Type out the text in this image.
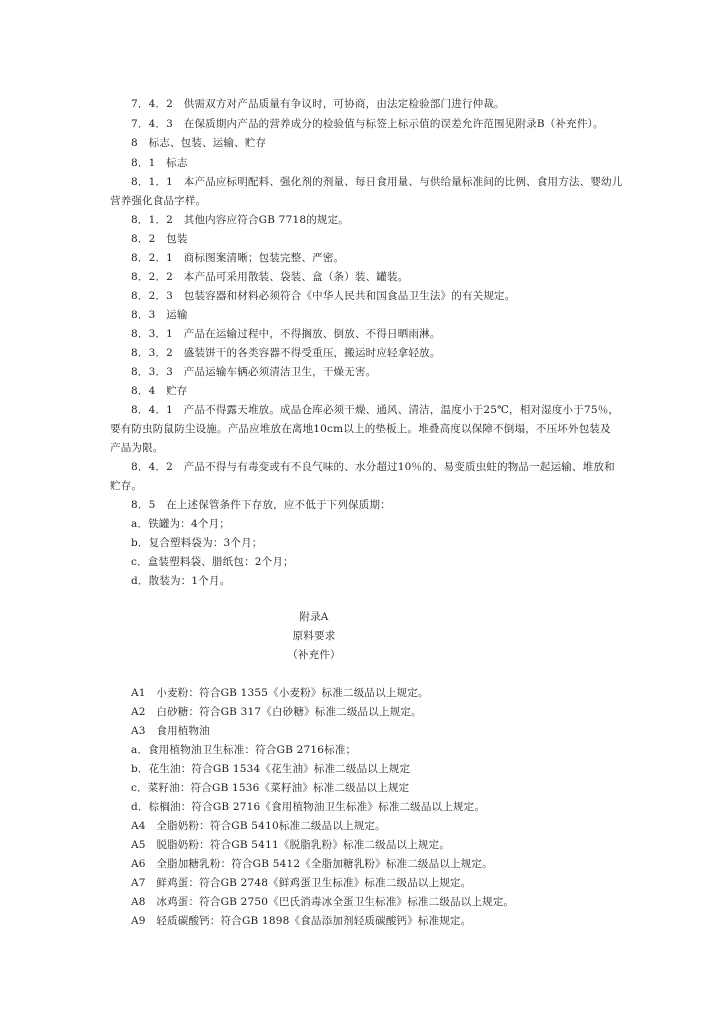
7．4．2　供需双方对产品质量有争议时，可协商，由法定检验部门进行仲裁。
7．4．3　在保质期内产品的营养成分的检验值与标签上标示值的误差允许范围见附录B（补充件）。
8　标志、包装、运输、贮存
8．1　标志
8．1．1　本产品应标明配料、强化剂的剂量、每日食用量、与供给量标准间的比例、食用方法、婴幼儿
营养强化食品字样。
8．1．2　其他内容应符合GB 7718的规定。
8．2　包装
8．2．1　商标图案清晰；包装完整、严密。
8．2．2　本产品可采用散装、袋装、盒（条）装、罐装。
8．2．3　包装容器和材料必须符合《中华人民共和国食品卫生法》的有关规定。
8．3　运输
8．3．1　产品在运输过程中，不得搁放、倒放、不得日晒雨淋。
8．3．2　盛装饼干的各类容器不得受重压，搬运时应轻拿轻放。
8．3．3　产品运输车辆必须清洁卫生，干燥无害。
8．4　贮存
8．4．1　产品不得露天堆放。成品仓库必须干燥、通风、清洁，温度小于25℃，相对湿度小于75％，
要有防虫防鼠防尘设施。产品应堆放在离地10cm以上的垫板上。堆叠高度以保障不倒塌，不压坏外包装及
产品为限。
8．4．2　产品不得与有毒变或有不良气味的、水分超过10％的、易变质虫蛀的物品一起运输、堆放和
贮存。
8．5　在上述保管条件下存放，应不低于下列保质期：
a．铁罐为：4个月；
b．复合塑料袋为：3个月；
c．盒装塑料袋、腊纸包：2个月；
d．散装为：1个月。
附录A
原料要求
（补充件）
A1　小麦粉：符合GB 1355《小麦粉》标准二级品以上规定。
A2　白砂糖：符合GB 317《白砂糖》标准二级品以上规定。
A3　食用植物油
a．食用植物油卫生标准：符合GB 2716标准；
b．花生油：符合GB 1534《花生油》标准二级品以上规定
c．菜籽油：符合GB 1536《菜籽油》标准二级品以上规定
d．棕榈油：符合GB 2716《食用植物油卫生标准》标准二级品以上规定。
A4　全脂奶粉：符合GB 5410标准二级品以上规定。
A5　脱脂奶粉：符合GB 5411《脱脂乳粉》标准二级品以上规定。
A6　全脂加糖乳粉：符合GB 5412《全脂加糖乳粉》标准二级品以上规定。
A7　鲜鸡蛋：符合GB 2748《鲜鸡蛋卫生标准》标准二级品以上规定。
A8　冰鸡蛋：符合GB 2750《巴氏消毒冰全蛋卫生标准》标准二级品以上规定。
A9　轻质碳酸钙：符合GB 1898《食品添加剂轻质碳酸钙》标准规定。
